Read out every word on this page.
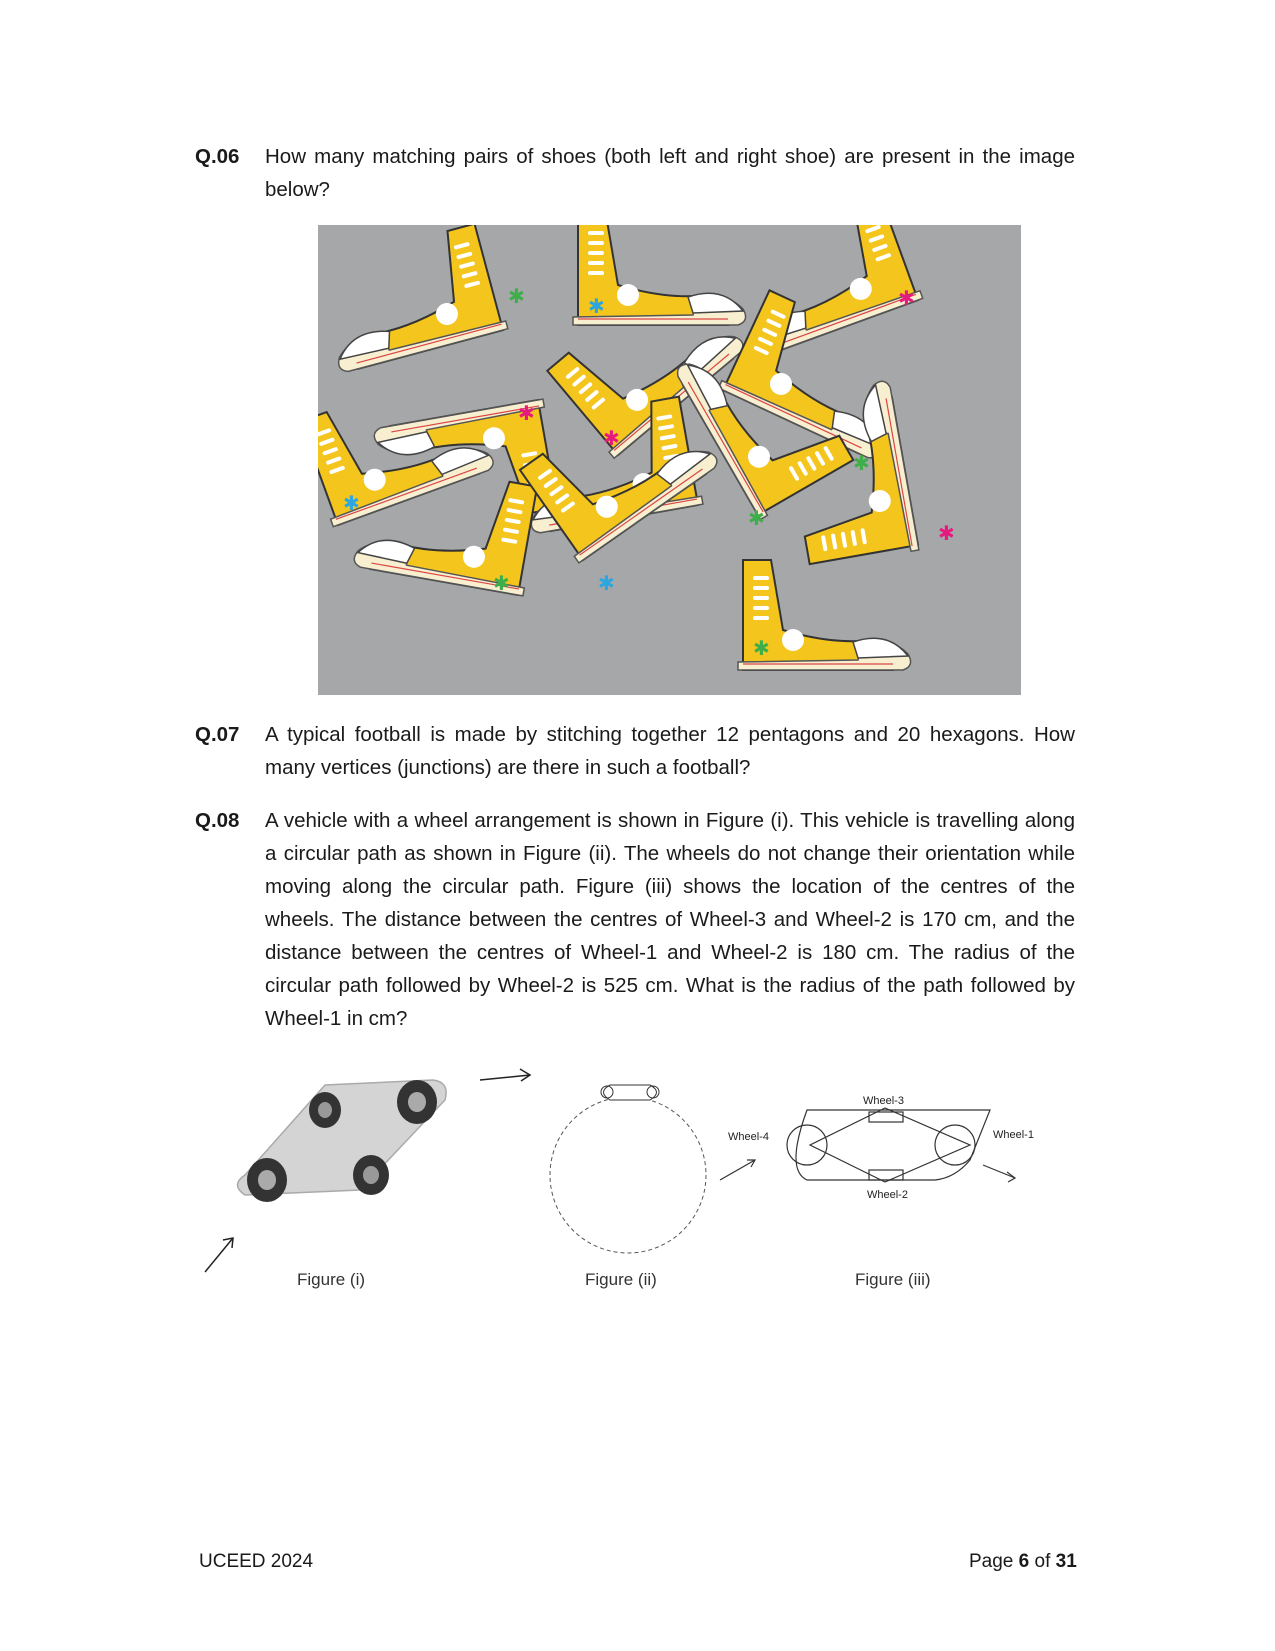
Q.06 How many matching pairs of shoes (both left and right shoe) are present in the image below?
✱	✱	✱
✱
✱
✱
✱
✱
✱	✱
✱
✱
Q.07 A typical football is made by stitching together 12 pentagons and 20 hexagons. How many vertices (junctions) are there in such a football?
Q.08 A vehicle with a wheel arrangement is shown in Figure (i). This vehicle is travelling along a circular path as shown in Figure (ii). The wheels do not change their orientation while moving along the circular path. Figure (iii) shows the location of the centres of the wheels. The distance between the centres of Wheel-3 and Wheel-2 is 170 cm, and the distance between the centres of Wheel-1 and Wheel-2 is 180 cm. The radius of the circular path followed by Wheel-2 is 525 cm. What is the radius of the path followed by Wheel-1 in cm?
Figure (i)	Figure (ii)
Wheel-3
Wheel-2
Wheel-4	Wheel-1
Figure (iii)
UCEED 2024	Page 6 of 31
